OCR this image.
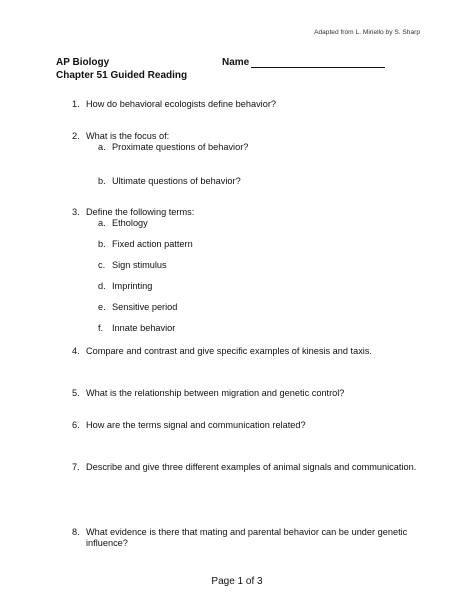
Adapted from L. Miriello by S. Sharp
AP Biology
Chapter 51 Guided Reading
Name
1. How do behavioral ecologists define behavior?
2. What is the focus of:
a. Proximate questions of behavior?
b. Ultimate questions of behavior?
3. Define the following terms:
a. Ethology
b. Fixed action pattern
c. Sign stimulus
d. Imprinting
e. Sensitive period
f. Innate behavior
4. Compare and contrast and give specific examples of kinesis and taxis.
5. What is the relationship between migration and genetic control?
6. How are the terms signal and communication related?
7. Describe and give three different examples of animal signals and communication.
8. What evidence is there that mating and parental behavior can be under genetic
influence?
Page 1 of 3
